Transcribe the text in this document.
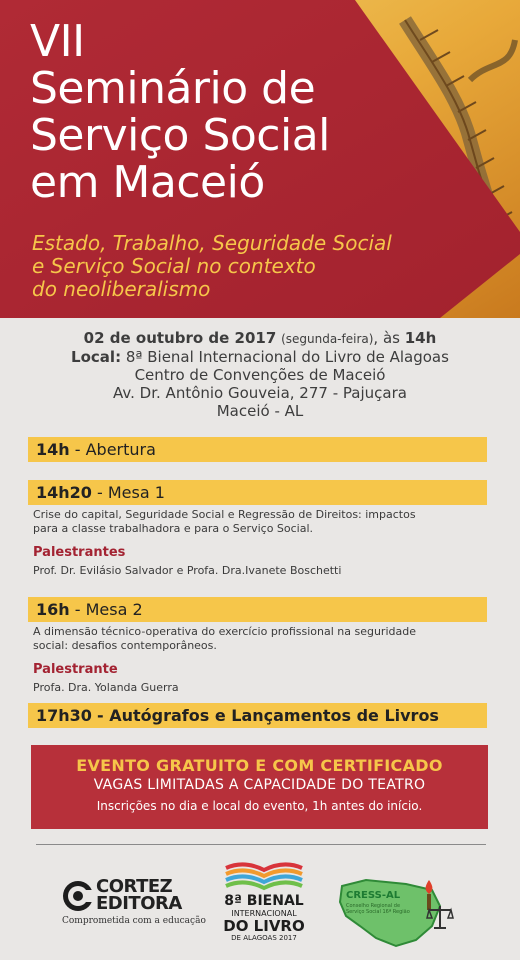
VII
Seminário de
Serviço Social
em Maceió
Estado, Trabalho, Seguridade Social
e Serviço Social no contexto
do neoliberalismo
02 de outubro de 2017 (segunda-feira), às 14h
Local: 8ª Bienal Internacional do Livro de Alagoas
Centro de Convenções de Maceió
Av. Dr. Antônio Gouveia, 277 - Pajuçara
Maceió - AL
14h - Abertura
14h20 - Mesa 1
Crise do capital, Seguridade Social e Regressão de Direitos: impactos
para a classe trabalhadora e para o Serviço Social.
Palestrantes
Prof. Dr. Evilásio Salvador e Profa. Dra.Ivanete Boschetti
16h - Mesa 2
A dimensão técnico-operativa do exercício profissional na seguridade
social: desafios contemporâneos.
Palestrante
Profa. Dra. Yolanda Guerra
17h30 - Autógrafos e Lançamentos de Livros
EVENTO GRATUITO E COM CERTIFICADO
VAGAS LIMITADAS A CAPACIDADE DO TEATRO
Inscrições no dia e local do evento, 1h antes do início.
CORTEZ
EDITORA
Comprometida com a educação
8ª BIENAL
INTERNACIONAL
DO LIVRO
DE ALAGOAS 2017
CRESS-AL
Conselho Regional de
Serviço Social 16ª Região
